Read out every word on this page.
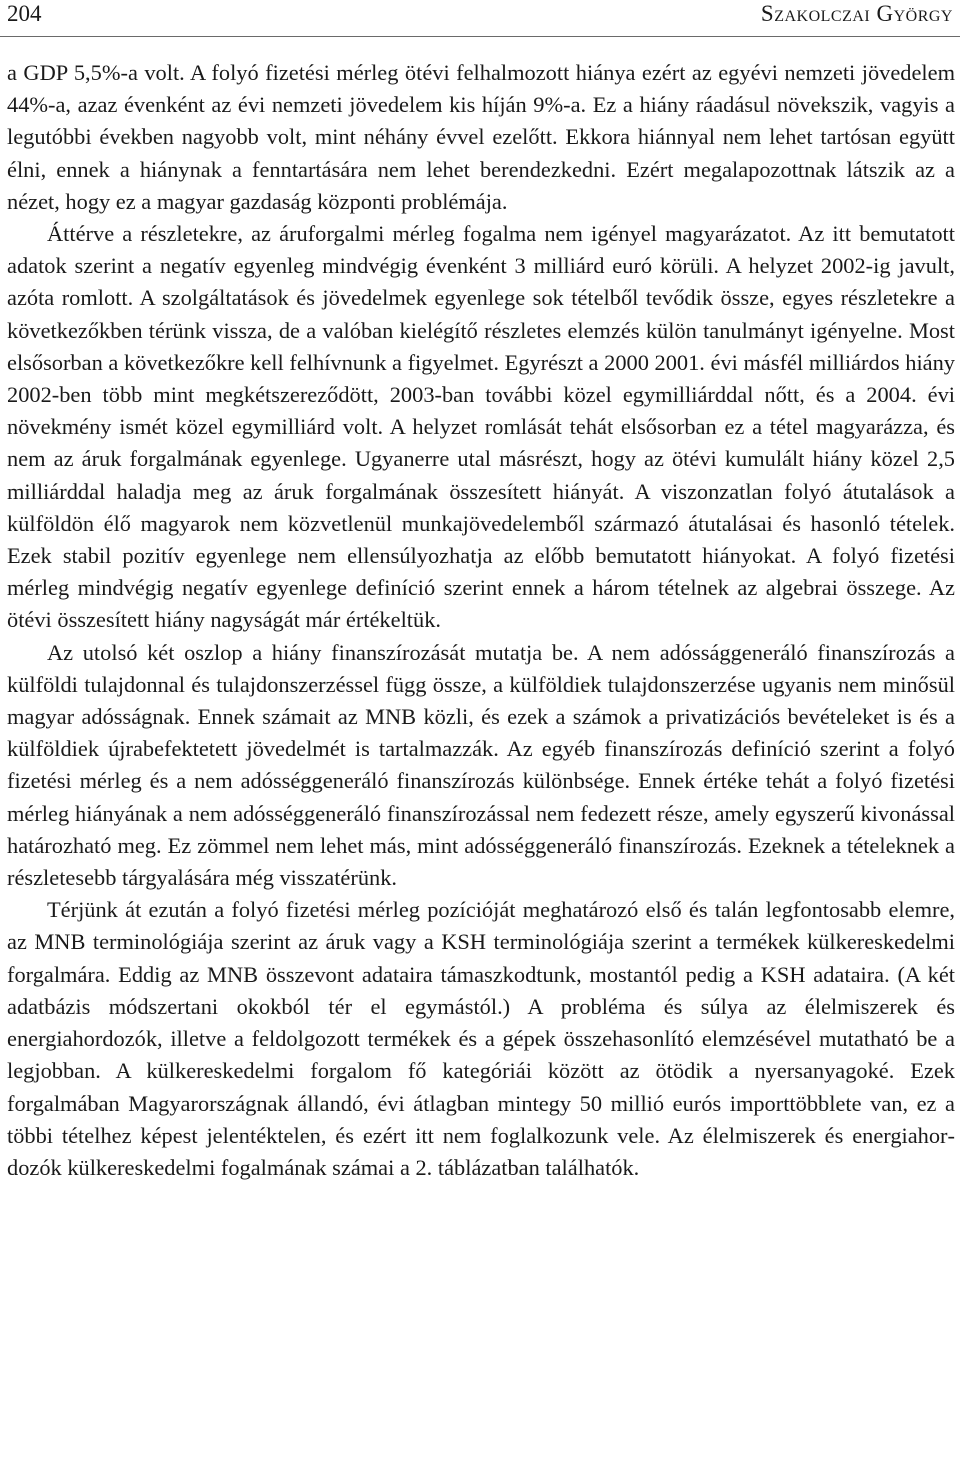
204	Szakolczai György

a GDP 5,5%-a volt. A folyó fizetési mérleg ötévi felhalmozott hiánya ezért az egyévi nemzeti jövedelem 44%-a, azaz évenként az évi nemzeti jövedelem kis híján 9%-a. Ez a hiány ráadásul növekszik, vagyis a legutóbbi években nagyobb volt, mint néhány évvel ezelőtt. Ekkora hiánnyal nem lehet tartósan együtt élni, ennek a hiánynak a fenntartására nem lehet berendezkedni. Ezért megalapozottnak látszik az a nézet, hogy ez a magyar gazdaság központi problémája.

Áttérve a részletekre, az áruforgalmi mérleg fogalma nem igényel magyarázatot. Az itt bemutatott adatok szerint a negatív egyenleg mindvégig évenként 3 milliárd euró körüli. A helyzet 2002-ig javult, azóta romlott. A szolgáltatások és jövedelmek egyenlege sok tételből tevődik össze, egyes részletekre a következőkben térünk vissza, de a valóban kielégítő részletes elemzés külön tanulmányt igényelne. Most elsősorban a következőkre kell felhívnunk a figyelmet. Egyrészt a 2000 2001. évi másfél milliárdos hiány 2002-ben több mint megkétszereződött, 2003-ban további közel egymilliárddal nőtt, és a 2004. évi növekmény ismét közel egymilliárd volt. A helyzet romlását tehát elsősorban ez a tétel magyarázza, és nem az áruk forgalmának egyenlege. Ugyanerre utal másrészt, hogy az ötévi kumulált hiány közel 2,5 milliárddal haladja meg az áruk forgalmának összesített hiányát. A viszonzatlan folyó átutalások a külföldön élő magyarok nem közvetlenül munkajövedelemből származó átutalásai és hasonló tételek. Ezek stabil pozitív egyenlege nem ellensúlyozhatja az előbb bemutatott hiányokat. A folyó fizetési mérleg mindvégig negatív egyenlege definíció szerint ennek a három tételnek az algebrai összege. Az ötévi összesített hiány nagyságát már értékeltük.

Az utolsó két oszlop a hiány finanszírozását mutatja be. A nem adóssággeneráló finanszírozás a külföldi tulajdonnal és tulajdonszerzéssel függ össze, a külföldiek tulajdonszerzése ugyanis nem minősül magyar adósságnak. Ennek számait az MNB közli, és ezek a számok a privatizációs bevételeket is és a külföldiek újrabefektetett jövedelmét is tartalmazzák. Az egyéb finanszírozás definíció szerint a folyó fizetési mérleg és a nem adósséggeneráló finanszírozás különbsége. Ennek értéke tehát a folyó fizetési mérleg hiányának a nem adósséggeneráló finanszírozással nem fedezett része, amely egyszerű kivonással határozható meg. Ez zömmel nem lehet más, mint adósséggeneráló finanszírozás. Ezeknek a tételeknek a részletesebb tárgyalására még visszatérünk.

Térjünk át ezután a folyó fizetési mérleg pozícióját meghatározó első és talán legfontosabb elemre, az MNB terminológiája szerint az áruk vagy a KSH terminológiája szerint a termékek külkereskedelmi forgalmára. Eddig az MNB összevont adataira támaszkodtunk, mostantól pedig a KSH adataira. (A két adatbázis módszertani okokból tér el egymástól.) A probléma és súlya az élelmiszerek és energiahordozók, illetve a feldolgozott termékek és a gépek összehasonlító elemzésével mutatható be a legjobban. A külkereskedelmi forgalom fő kategóriái között az ötödik a nyersanyagoké. Ezek forgalmában Magyarországnak állandó, évi átlagban mintegy 50 millió eurós importtöbblete van, ez a többi tételhez képest jelentéktelen, és ezért itt nem foglalkozunk vele. Az élelmiszerek és energiahordozók külkereskedelmi fogalmának számai a 2. táblázatban találhatók.
